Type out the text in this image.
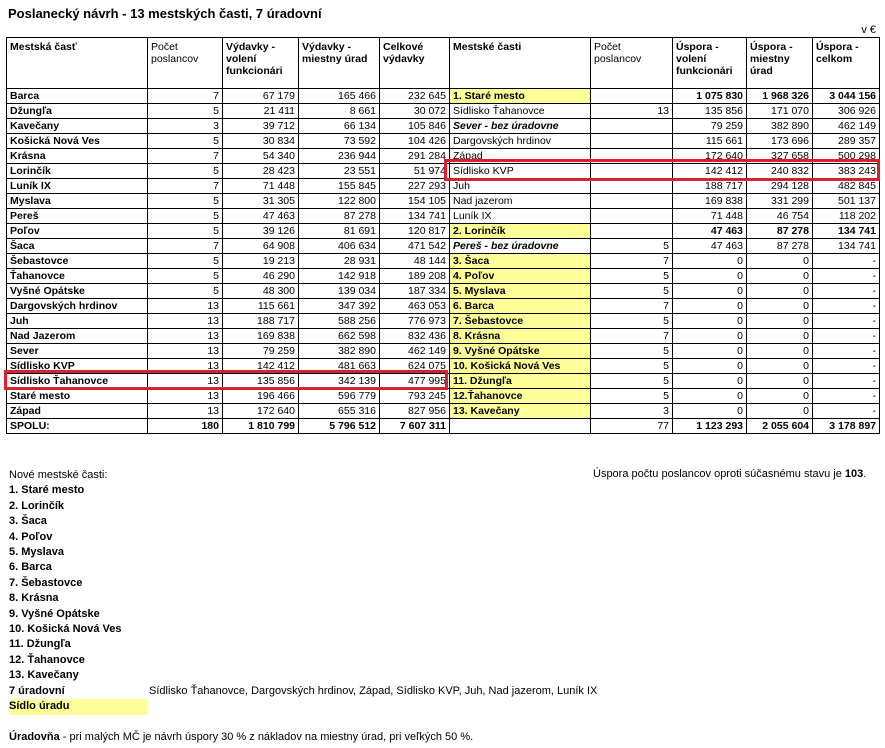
Poslanecký návrh - 13 mestských časti, 7 úradovní
v €
Mestská časť	Počet poslancov	Výdavky - volení funkcionári	Výdavky - miestny úrad	Celkové výdavky	Mestské časti	Počet poslancov	Úspora - volení funkcionári	Úspora - miestny úrad	Úspora - celkom
Barca	7	67 179	165 466	232 645	1. Staré mesto		1 075 830	1 968 326	3 044 156
Džungľa	5	21 411	8 661	30 072	Sídlisko Ťahanovce	13	135 856	171 070	306 926
Kavečany	3	39 712	66 134	105 846	Sever - bez úradovne		79 259	382 890	462 149
Košická Nová Ves	5	30 834	73 592	104 426	Dargovských hrdinov		115 661	173 696	289 357
Krásna	7	54 340	236 944	291 284	Západ		172 640	327 658	500 298
Lorinčík	5	28 423	23 551	51 974	Sídlisko KVP		142 412	240 832	383 243
Luník IX	7	71 448	155 845	227 293	Juh		188 717	294 128	482 845
Myslava	5	31 305	122 800	154 105	Nad jazerom		169 838	331 299	501 137
Pereš	5	47 463	87 278	134 741	Luník IX		71 448	46 754	118 202
Poľov	5	39 126	81 691	120 817	2. Lorinčík		47 463	87 278	134 741
Šaca	7	64 908	406 634	471 542	Pereš - bez úradovne	5	47 463	87 278	134 741
Šebastovce	5	19 213	28 931	48 144	3. Šaca	7	0	0	-
Ťahanovce	5	46 290	142 918	189 208	4. Poľov	5	0	0	-
Vyšné Opátske	5	48 300	139 034	187 334	5. Myslava	5	0	0	-
Dargovských hrdinov	13	115 661	347 392	463 053	6. Barca	7	0	0	-
Juh	13	188 717	588 256	776 973	7. Šebastovce	5	0	0	-
Nad Jazerom	13	169 838	662 598	832 436	8. Krásna	7	0	0	-
Sever	13	79 259	382 890	462 149	9. Vyšné Opátske	5	0	0	-
Sídlisko KVP	13	142 412	481 663	624 075	10. Košická Nová Ves	5	0	0	-
Sídlisko Ťahanovce	13	135 856	342 139	477 995	11. Džungľa	5	0	0	-
Staré mesto	13	196 466	596 779	793 245	12.Ťahanovce	5	0	0	-
Západ	13	172 640	655 316	827 956	13. Kavečany	3	0	0	-
SPOLU:	180	1 810 799	5 796 512	7 607 311		77	1 123 293	2 055 604	3 178 897
Nové mestské časti:
1. Staré mesto
2. Lorinčík
3. Šaca
4. Poľov
5. Myslava
6. Barca
7. Šebastovce
8. Krásna
9. Vyšné Opátske
10. Košická Nová Ves
11. Džungľa
12. Ťahanovce
13. Kavečany
7 úradovní	Sídlisko Ťahanovce, Dargovských hrdinov, Západ, Sídlisko KVP, Juh, Nad jazerom, Luník IX
Sídlo úradu
Úspora počtu poslancov oproti súčasnému stavu je 103.
Úradovňa - pri malých MČ je návrh úspory 30 % z nákladov na miestny úrad, pri veľkých 50 %.
